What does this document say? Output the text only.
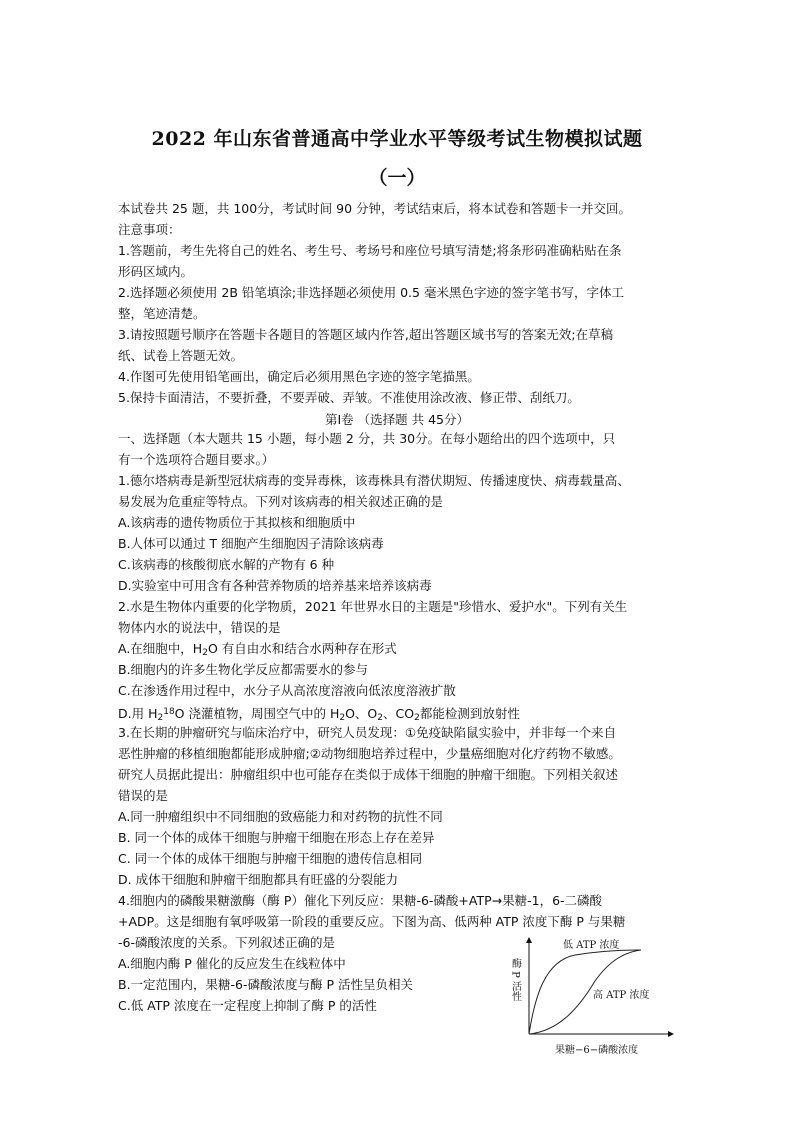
2022 年山东省普通高中学业水平等级考试生物模拟试题
（一）
本试卷共 25 题，共 100分，考试时间 90 分钟，考试结束后，将本试卷和答题卡一并交回。
注意事项：
1.答题前，考生先将自己的姓名、考生号、考场号和座位号填写清楚;将条形码准确粘贴在条
形码区域内。
2.选择题必须使用 2B 铅笔填涂;非选择题必须使用 0.5 毫米黑色字迹的签字笔书写，字体工
整，笔迹清楚。
3.请按照题号顺序在答题卡各题目的答题区域内作答,超出答题区域书写的答案无效;在草稿
纸、试卷上答题无效。
4.作图可先使用铅笔画出，确定后必须用黑色字迹的签字笔描黑。
5.保持卡面清洁，不要折叠，不要弄破、弄皱。不准使用涂改液、修正带、刮纸刀。
第Ⅰ卷 （选择题 共 45分）
一、选择题（本大题共 15 小题，每小题 2 分，共 30分。在每小题给出的四个选项中，只
有一个选项符合题目要求。）
1.德尔塔病毒是新型冠状病毒的变异毒株，该毒株具有潜伏期短、传播速度快、病毒载量高、
易发展为危重症等特点。下列对该病毒的相关叙述正确的是
A.该病毒的遗传物质位于其拟核和细胞质中
B.人体可以通过 T 细胞产生细胞因子清除该病毒
C.该病毒的核酸彻底水解的产物有 6 种
D.实验室中可用含有各种营养物质的培养基来培养该病毒
2.水是生物体内重要的化学物质，2021 年世界水日的主题是"珍惜水、爱护水"。下列有关生
物体内水的说法中，错误的是
A.在细胞中，$H_2O$ 有自由水和结合水两种存在形式
B.细胞内的许多生物化学反应都需要水的参与
C.在渗透作用过程中，水分子从高浓度溶液向低浓度溶液扩散
D.用 $H_2^{18}O$ 浇灌植物，周围空气中的 $H_2O$、$O_2$、$CO_2$都能检测到放射性
3.在长期的肿瘤研究与临床治疗中，研究人员发现：①免疫缺陷鼠实验中，并非每一个来自
恶性肿瘤的移植细胞都能形成肿瘤;②动物细胞培养过程中，少量癌细胞对化疗药物不敏感。
研究人员据此提出：肿瘤组织中也可能存在类似于成体干细胞的肿瘤干细胞。下列相关叙述
错误的是
A.同一肿瘤组织中不同细胞的致癌能力和对药物的抗性不同
B. 同一个体的成体干细胞与肿瘤干细胞在形态上存在差异
C. 同一个体的成体干细胞与肿瘤干细胞的遗传信息相同
D. 成体干细胞和肿瘤干细胞都具有旺盛的分裂能力
4.细胞内的磷酸果糖激酶（酶 P）催化下列反应：果糖-6-磷酸+ATP→果糖-1，6-二磷酸
+ADP。这是细胞有氧呼吸第一阶段的重要反应。下图为高、低两种 ATP 浓度下酶 P 与果糖
-6-磷酸浓度的关系。下列叙述正确的是
A.细胞内酶 P 催化的反应发生在线粒体中
B.一定范围内，果糖-6-磷酸浓度与酶 P 活性呈负相关
C.低 ATP 浓度在一定程度上抑制了酶 P 的活性
酶 P 活性
低 ATP 浓度
高 ATP 浓度
果糖−6−磷酸浓度
